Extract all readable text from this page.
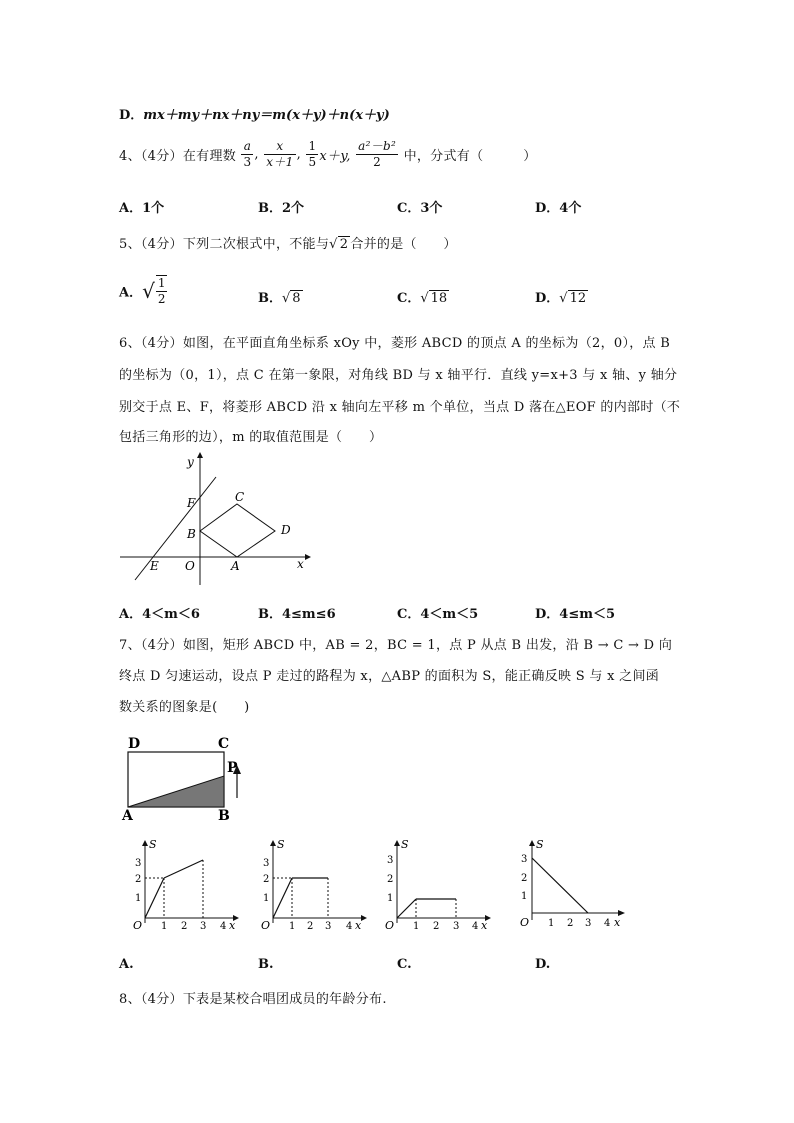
D．mx＋my＋nx＋ny＝m(x＋y)＋n(x＋y)
4、（4分）在有理数 $\frac{a}{3}$ , $\frac{x}{x+1}$ , $\frac{1}{5} x+y$, $\frac{\text{a²－b²}}{2}$ 中，分式有（　　　）
A．1个	B．2个	C．3个	D．4个
5、（4分）下列二次根式中，不能与√ 2 合并的是（　　）
A．√ $\frac{1}{2}$	B．√ 8	C．√ 18	D．√ 12
6、（4分）如图，在平面直角坐标系 xOy 中，菱形 ABCD 的顶点 A 的坐标为（2，0），点 B
的坐标为（0，1），点 C 在第一象限，对角线 BD 与 x 轴平行．直线 y=x+3 与 x 轴、y 轴分
别交于点 E、F，将菱形 ABCD 沿 x 轴向左平移 m 个单位，当点 D 落在△EOF 的内部时（不
包括三角形的边），m 的取值范围是（　　）
y
x
F	C
B	D
E O	A
A．4＜m＜6	B．4≤m≤6	C．4＜m＜5	D．4≤m＜5
7、（4分）如图，矩形 ABCD 中，AB = 2，BC = 1，点 P 从点 B 出发，沿 B → C → D 向
终点 D 匀速运动，设点 P 走过的路程为 x，△ABP 的面积为 S，能正确反映 S 与 x 之间函
数关系的图象是(　　)
D	C
P
A	B
S
3
2
1
O 1 2 3 4 x
S
3
2
1
O 1 2 3 4 x
S
3
2
1
O 1 2 3 4 x
S
3
2
1
O 1 2 3 4 x
A.	B.	C.	D.
8、（4分）下表是某校合唱团成员的年龄分布.
